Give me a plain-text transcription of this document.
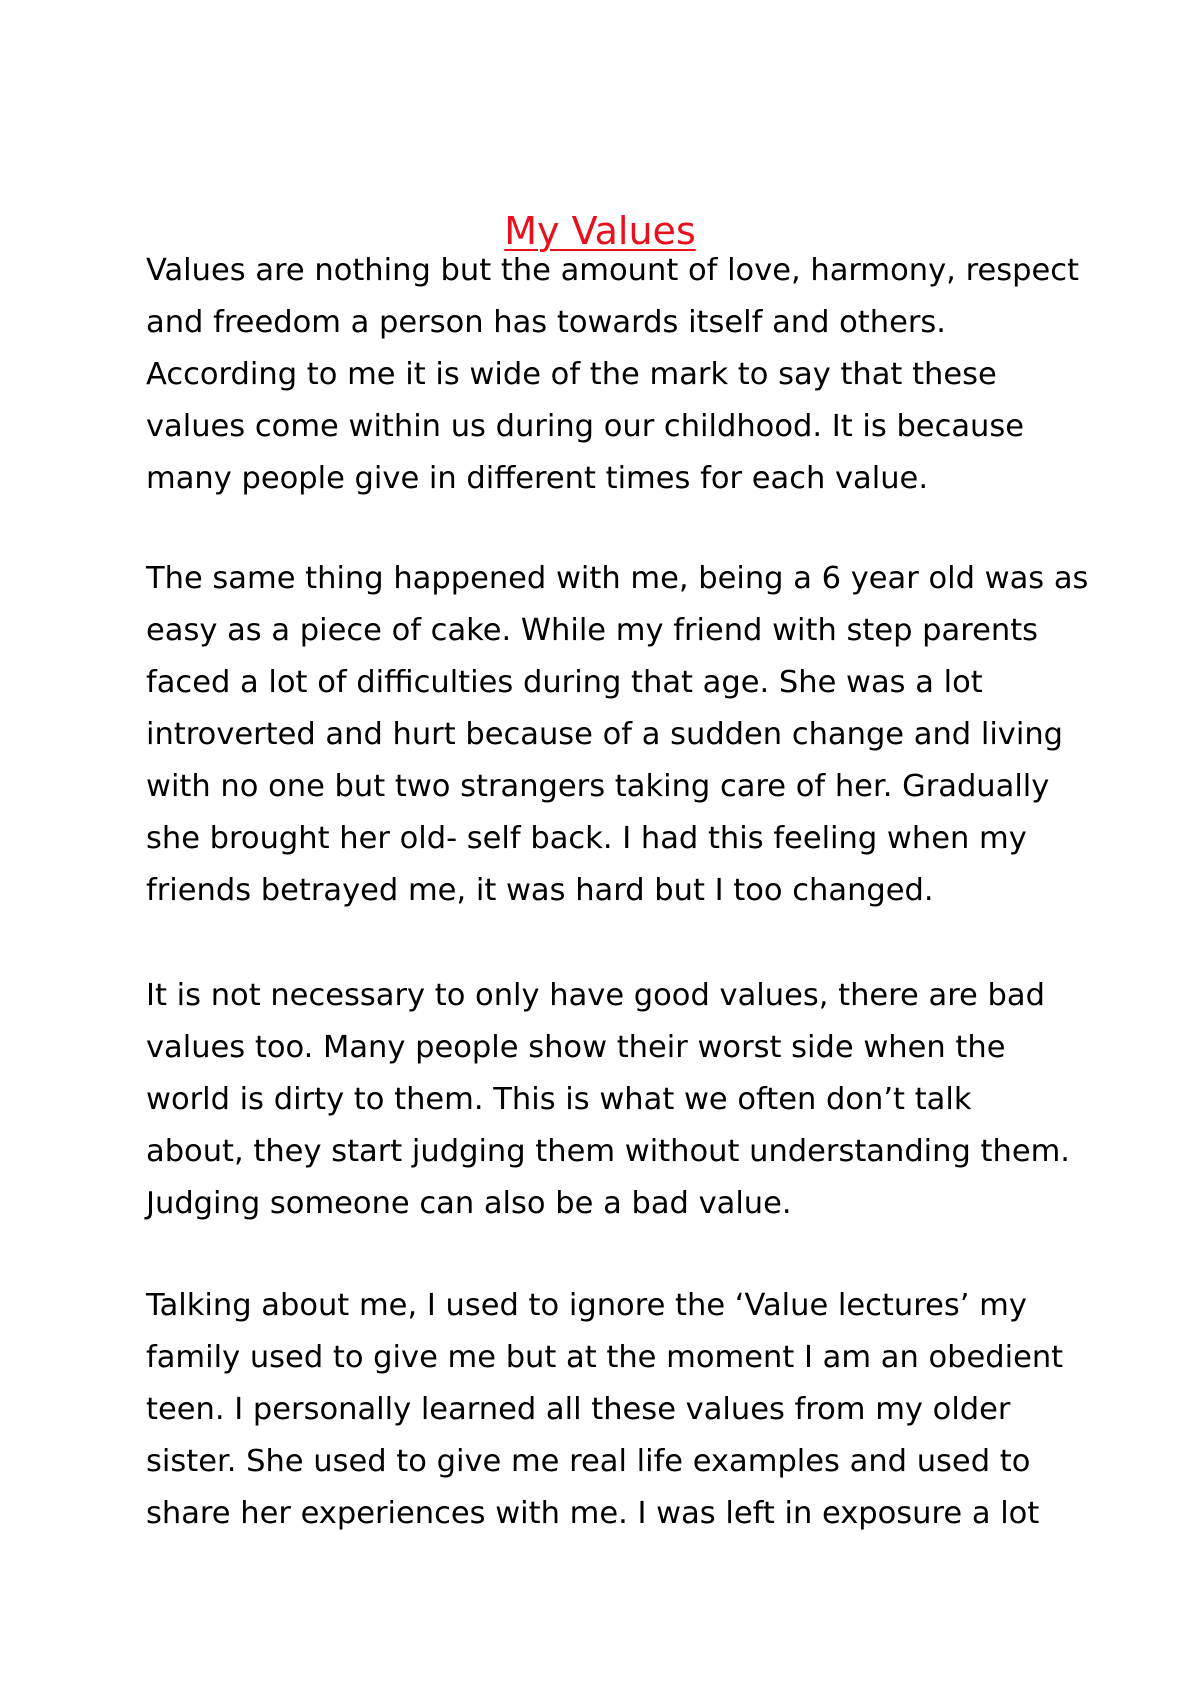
My Values

Values are nothing but the amount of love, harmony, respect
and freedom a person has towards itself and others.
According to me it is wide of the mark to say that these
values come within us during our childhood. It is because
many people give in different times for each value.

The same thing happened with me, being a 6 year old was as
easy as a piece of cake. While my friend with step parents
faced a lot of difficulties during that age. She was a lot
introverted and hurt because of a sudden change and living
with no one but two strangers taking care of her. Gradually
she brought her old- self back. I had this feeling when my
friends betrayed me, it was hard but I too changed.

It is not necessary to only have good values, there are bad
values too. Many people show their worst side when the
world is dirty to them. This is what we often don’t talk
about, they start judging them without understanding them.
Judging someone can also be a bad value.

Talking about me, I used to ignore the ‘Value lectures’ my
family used to give me but at the moment I am an obedient
teen. I personally learned all these values from my older
sister. She used to give me real life examples and used to
share her experiences with me. I was left in exposure a lot
